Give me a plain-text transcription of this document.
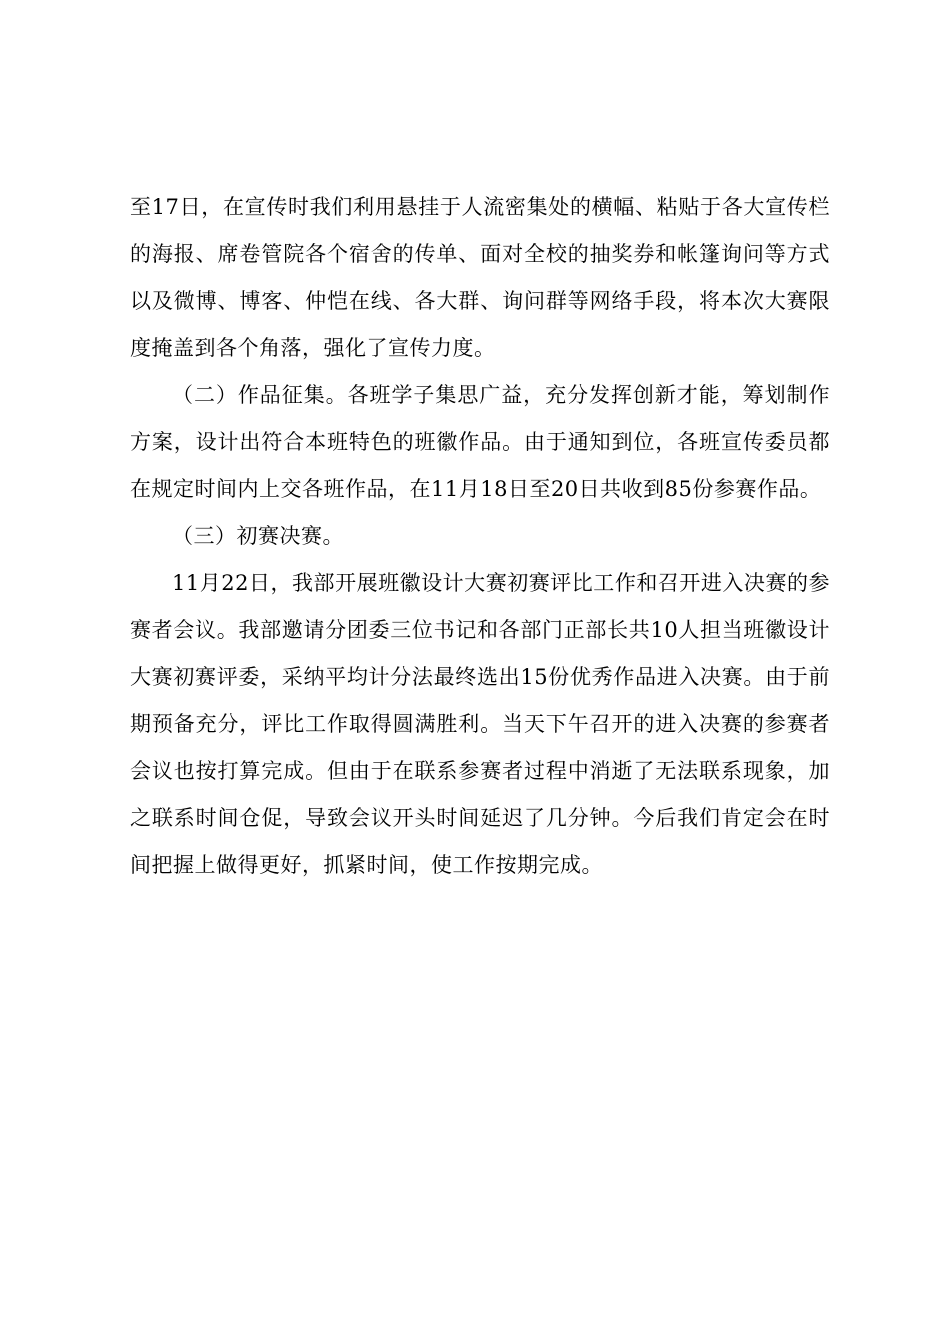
至17日，在宣传时我们利用悬挂于人流密集处的横幅、粘贴于各大宣传栏的海报、席卷管院各个宿舍的传单、面对全校的抽奖券和帐篷询问等方式以及微博、博客、仲恺在线、各大群、询问群等网络手段，将本次大赛限度掩盖到各个角落，强化了宣传力度。

（二）作品征集。各班学子集思广益，充分发挥创新才能，筹划制作方案，设计出符合本班特色的班徽作品。由于通知到位，各班宣传委员都在规定时间内上交各班作品，在11月18日至20日共收到85份参赛作品。

（三）初赛决赛。

11月22日，我部开展班徽设计大赛初赛评比工作和召开进入决赛的参赛者会议。我部邀请分团委三位书记和各部门正部长共10人担当班徽设计大赛初赛评委，采纳平均计分法最终选出15份优秀作品进入决赛。由于前期预备充分，评比工作取得圆满胜利。当天下午召开的进入决赛的参赛者会议也按打算完成。但由于在联系参赛者过程中消逝了无法联系现象，加之联系时间仓促，导致会议开头时间延迟了几分钟。今后我们肯定会在时间把握上做得更好，抓紧时间，使工作按期完成。
